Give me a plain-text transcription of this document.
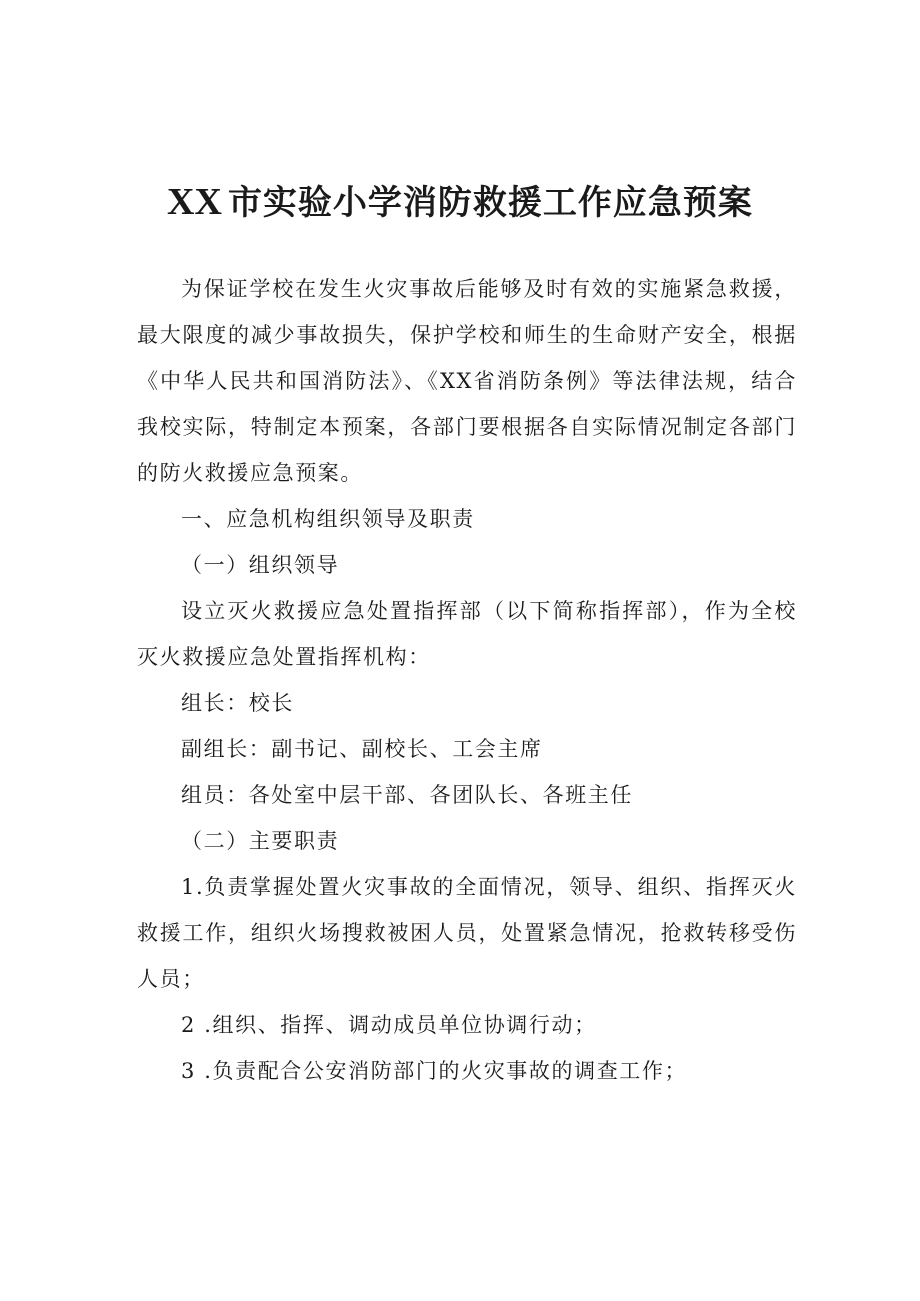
XX 市实验小学消防救援工作应急预案

为保证学校在发生火灾事故后能够及时有效的实施紧急救援，最大限度的减少事故损失，保护学校和师生的生命财产安全，根据《中华人民共和国消防法》、《XX省消防条例》等法律法规，结合我校实际，特制定本预案，各部门要根据各自实际情况制定各部门的防火救援应急预案。

一、应急机构组织领导及职责

（一）组织领导

设立灭火救援应急处置指挥部（以下简称指挥部），作为全校灭火救援应急处置指挥机构：

组长：校长

副组长：副书记、副校长、工会主席

组员：各处室中层干部、各团队长、各班主任

（二）主要职责

1.负责掌握处置火灾事故的全面情况，领导、组织、指挥灭火救援工作，组织火场搜救被困人员，处置紧急情况，抢救转移受伤人员；

2 .组织、指挥、调动成员单位协调行动；

3 .负责配合公安消防部门的火灾事故的调查工作；
